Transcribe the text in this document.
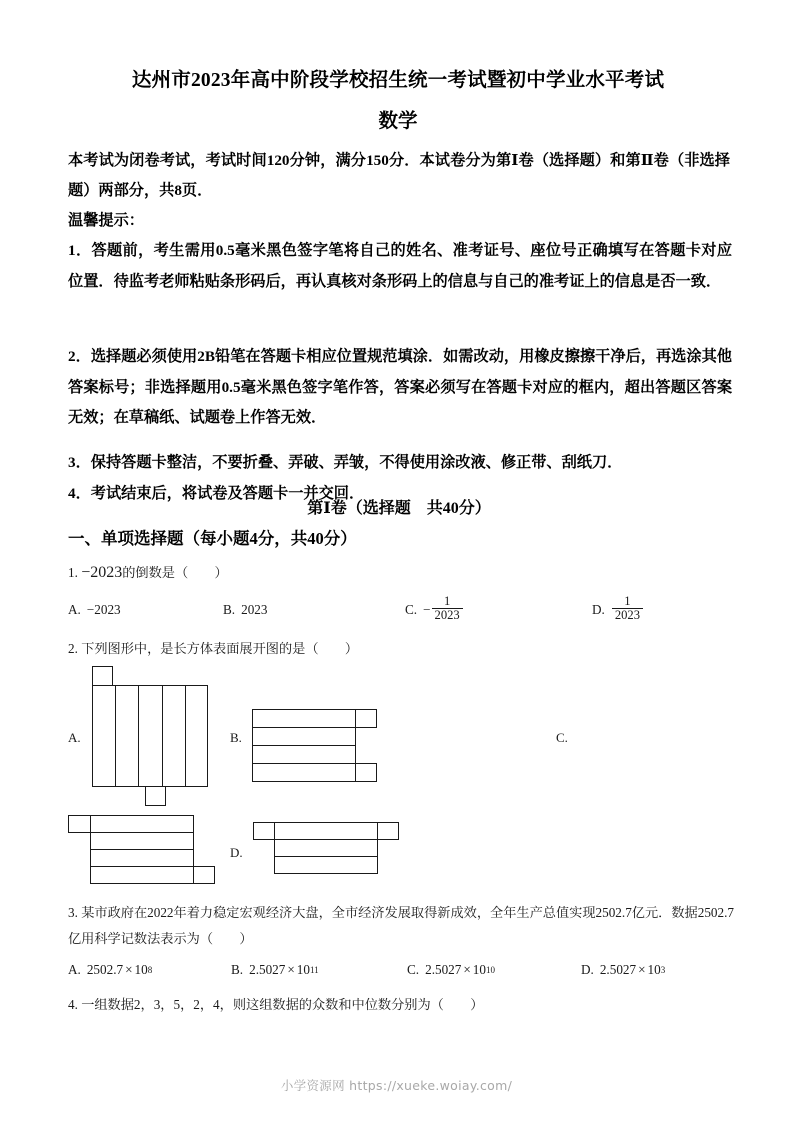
达州市2023年高中阶段学校招生统一考试暨初中学业水平考试
数学
本考试为闭卷考试，考试时间120分钟，满分150分．本试卷分为第Ⅰ卷（选择题）和第Ⅱ卷（非选择题）两部分，共8页．
温馨提示：
1．答题前，考生需用0.5毫米黑色签字笔将自己的姓名、准考证号、座位号正确填写在答题卡对应位置．待监考老师粘贴条形码后，再认真核对条形码上的信息与自己的准考证上的信息是否一致．
2．选择题必须使用2B铅笔在答题卡相应位置规范填涂．如需改动，用橡皮擦擦干净后，再选涂其他答案标号；非选择题用0.5毫米黑色签字笔作答，答案必须写在答题卡对应的框内，超出答题区答案无效；在草稿纸、试题卷上作答无效．
3．保持答题卡整洁，不要折叠、弄破、弄皱，不得使用涂改液、修正带、刮纸刀．
4．考试结束后，将试卷及答题卡一并交回．
第Ⅰ卷（选择题　共40分）
一、单项选择题（每小题4分，共40分）
1. −2023的倒数是（　　）
A. −2023	B. 2023	C. − $\frac{1}{2023}$	D. $\frac{1}{2023}$
2. 下列图形中，是长方体表面展开图的是（　　）
A.	B.	C.
D.
3. 某市政府在2022年着力稳定宏观经济大盘，全市经济发展取得新成效，全年生产总值实现2502.7亿元．数据2502.7亿用科学记数法表示为（　　）
A. 2502.7 × 10 8	B. 2.5027 × 10 11	C. 2.5027 × 10 10	D. 2.5027 × 10 3
4. 一组数据2，3，5，2，4，则这组数据的众数和中位数分别为（　　）
小学资源网 https://xueke.woiay.com/
